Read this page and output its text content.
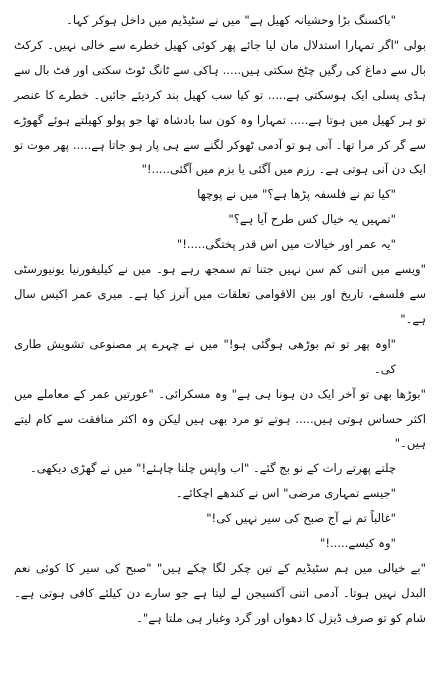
"باکسنگ بڑا وحشیانہ کھیل ہے" میں نے سٹیڈیم میں داخل ہوکر کہا۔

بولی "اگر تمہارا استدلال مان لیا جائے پھر کوئی کھیل خطرے سے خالی نہیں۔ کرکٹ بال سے دماغ کی رگیں چٹخ سکتی ہیں..... ہاکی سے ٹانگ ٹوٹ سکتی اور فٹ بال سے ہڈی پسلی ایک ہوسکتی ہے..... تو کیا سب کھیل بند کردیئے جائیں۔ خطرے کا عنصر تو ہر کھیل میں ہوتا ہے..... تمہارا وہ کون سا بادشاہ تھا جو پولو کھیلتے ہوئے گھوڑے سے گر کر مرا تھا۔ آنی ہو تو آدمی ٹھوکر لگنے سے ہی پار ہو جاتا ہے..... پھر موت تو ایک دن آنی ہوتی ہے۔ رزم میں آگئی یا بزم میں آگئی.....!"

"کیا تم نے فلسفہ پڑھا ہے؟" میں نے پوچھا

"تمہیں یہ خیال کس طرح آیا ہے؟"

"یہ عمر اور خیالات میں اس قدر پختگی.....!"

"ویسے میں اتنی کم سن نہیں جتنا تم سمجھ رہے ہو۔ میں نے کیلیفورنیا یونیورسٹی سے فلسفے، تاریخ اور بین الاقوامی تعلقات میں آنرز کیا ہے۔ میری عمر اکیس سال ہے۔"

"اوہ پھر تو تم بوڑھی ہوگئی ہو!" میں نے چہرے پر مصنوعی تشویش طاری کی۔

"بوڑھا بھی تو آخر ایک دن ہونا ہی ہے" وہ مسکرائی۔ "عورتیں عمر کے معاملے میں اکثر حساس ہوتی ہیں..... ہوتے تو مرد بھی ہیں لیکن وہ اکثر منافقت سے کام لیتے ہیں۔"

چلتے پھرتے رات کے نو بج گئے۔ "اب واپس چلنا چاہئے!" میں نے گھڑی دیکھی۔

"جیسے تمہاری مرضی" اس نے کندھے اچکائے۔

"غالباً تم نے آج صبح کی سیر نہیں کی!"

"وہ کیسے.....!"

"بے خیالی میں ہم سٹیڈیم کے تین چکر لگا چکے ہیں" "صبح کی سیر کا کوئی نعم البدل نہیں ہوتا۔ آدمی اتنی آکسیجن لے لیتا ہے جو سارے دن کیلئے کافی ہوتی ہے۔ شام کو تو صرف ڈیزل کا دھواں اور گرد وغبار ہی ملتا ہے"۔
